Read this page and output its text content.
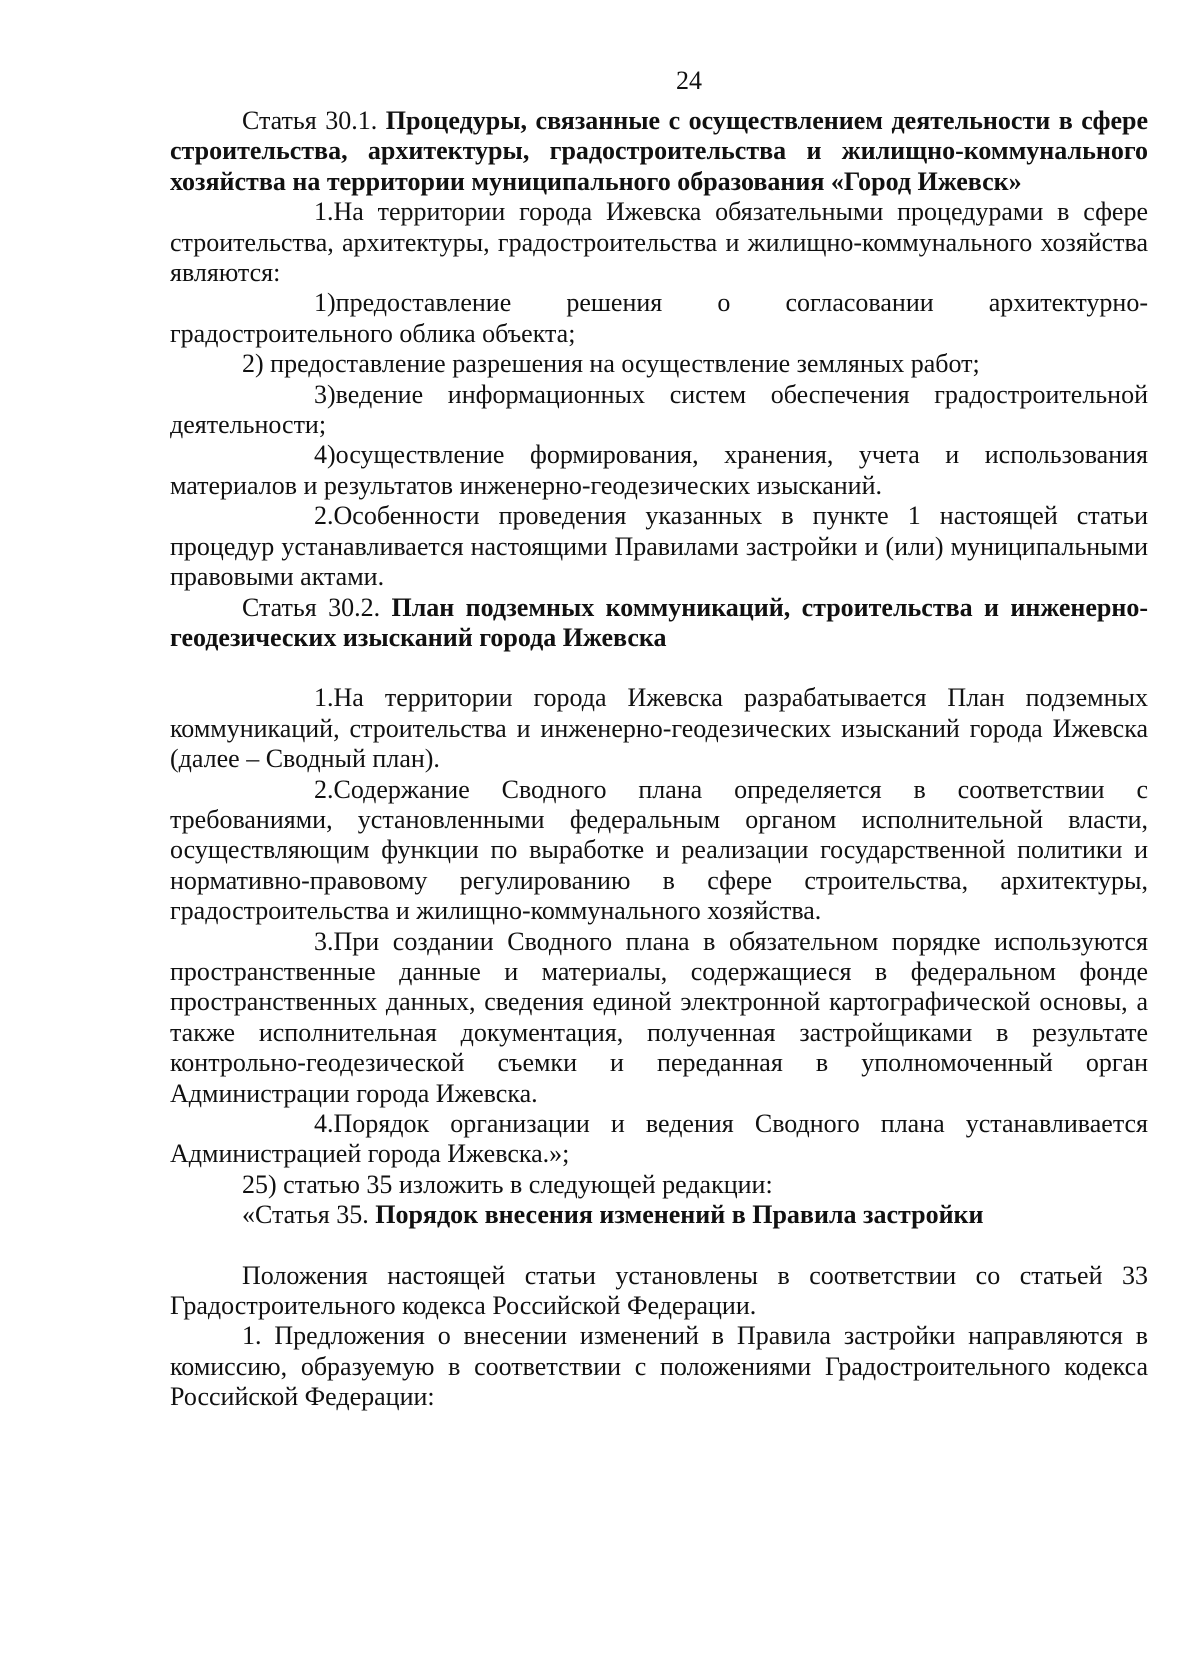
24

Статья 30.1. Процедуры, связанные с осуществлением деятельности в сфере строительства, архитектуры, градостроительства и жилищно-коммунального хозяйства на территории муниципального образования «Город Ижевск»

1.На территории города Ижевска обязательными процедурами в сфере строительства, архитектуры, градостроительства и жилищно-коммунального хозяйства являются:

1)предоставление решения о согласовании архитектурно-градостроительного облика объекта;

2) предоставление разрешения на осуществление земляных работ;

3)ведение информационных систем обеспечения градостроительной деятельности;

4)осуществление формирования, хранения, учета и использования материалов и результатов инженерно-геодезических изысканий.

2.Особенности проведения указанных в пункте 1 настоящей статьи процедур устанавливается настоящими Правилами застройки и (или) муниципальными правовыми актами.

Статья 30.2. План подземных коммуникаций, строительства и инженерно-геодезических изысканий города Ижевска

1.На территории города Ижевска разрабатывается План подземных коммуникаций, строительства и инженерно-геодезических изысканий города Ижевска (далее – Сводный план).

2.Содержание Сводного плана определяется в соответствии с требованиями, установленными федеральным органом исполнительной власти, осуществляющим функции по выработке и реализации государственной политики и нормативно-правовому регулированию в сфере строительства, архитектуры, градостроительства и жилищно-коммунального хозяйства.

3.При создании Сводного плана в обязательном порядке используются пространственные данные и материалы, содержащиеся в федеральном фонде пространственных данных, сведения единой электронной картографической основы, а также исполнительная документация, полученная застройщиками в результате контрольно-геодезической съемки и переданная в уполномоченный орган Администрации города Ижевска.

4.Порядок организации и ведения Сводного плана устанавливается Администрацией города Ижевска.»;

25) статью 35 изложить в следующей редакции:

«Статья 35. Порядок внесения изменений в Правила застройки

Положения настоящей статьи установлены в соответствии со статьей 33 Градостроительного кодекса Российской Федерации.

1. Предложения о внесении изменений в Правила застройки направляются в комиссию, образуемую в соответствии с положениями Градостроительного кодекса Российской Федерации:
